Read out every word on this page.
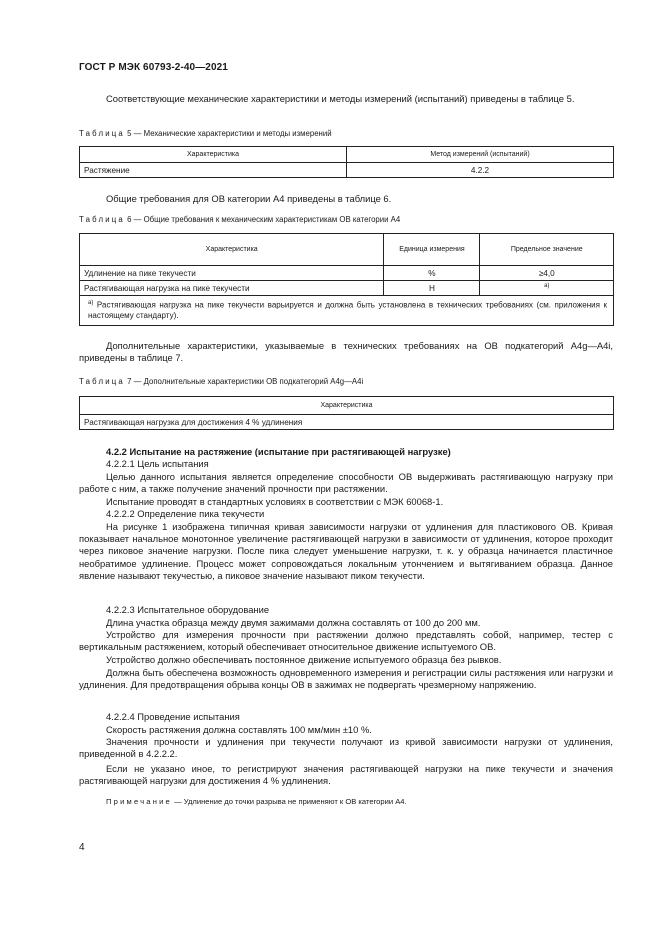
ГОСТ Р МЭК 60793-2-40—2021
Соответствующие механические характеристики и методы измерений (испытаний) приведены в таблице 5.
Таблица 5 — Механические характеристики и методы измерений
Характеристика	Метод измерений (испытаний)
Растяжение	4.2.2
Общие требования для ОВ категории А4 приведены в таблице 6.
Таблица 6 — Общие требования к механическим характеристикам ОВ категории А4
Характеристика	Единица измерения	Предельное значение
Удлинение на пике текучести	%	≥4,0
Растягивающая нагрузка на пике текучести	Н	$^{а)}$
$^{а)}$ Растягивающая нагрузка на пике текучести варьируется и должна быть установлена в технических требованиях (см. приложения к настоящему стандарту).		
Дополнительные характеристики, указываемые в технических требованиях на ОВ подкатегорий А4g—А4i, приведены в таблице 7.
Таблица 7 — Дополнительные характеристики ОВ подкатегорий А4g—А4i
Характеристика
Растягивающая нагрузка для достижения 4 % удлинения
4.2.2 Испытание на растяжение (испытание при растягивающей нагрузке)
4.2.2.1 Цель испытания
Целью данного испытания является определение способности ОВ выдерживать растягивающую нагрузку при работе с ним, а также получение значений прочности при растяжении.
Испытание проводят в стандартных условиях в соответствии с МЭК 60068-1.
4.2.2.2 Определение пика текучести
На рисунке 1 изображена типичная кривая зависимости нагрузки от удлинения для пластикового ОВ. Кривая показывает начальное монотонное увеличение растягивающей нагрузки в зависимости от удлинения, которое проходит через пиковое значение нагрузки. После пика следует уменьшение нагрузки, т. к. у образца начинается пластичное необратимое удлинение. Процесс может сопровождаться локальным утончением и вытягиванием образца. Данное явление называют текучестью, а пиковое значение называют пиком текучести.
4.2.2.3 Испытательное оборудование
Длина участка образца между двумя зажимами должна составлять от 100 до 200 мм.
Устройство для измерения прочности при растяжении должно представлять собой, например, тестер с вертикальным растяжением, который обеспечивает относительное движение испытуемого ОВ.
Устройство должно обеспечивать постоянное движение испытуемого образца без рывков.
Должна быть обеспечена возможность одновременного измерения и регистрации силы растяжения или нагрузки и удлинения. Для предотвращения обрыва концы ОВ в зажимах не подвергать чрезмерному напряжению.
4.2.2.4 Проведение испытания
Скорость растяжения должна составлять 100 мм/мин ±10 %.
Значения прочности и удлинения при текучести получают из кривой зависимости нагрузки от удлинения, приведенной в 4.2.2.2.
Если не указано иное, то регистрируют значения растягивающей нагрузки на пике текучести и значения растягивающей нагрузки для достижения 4 % удлинения.
Примечание — Удлинение до точки разрыва не применяют к ОВ категории А4.
4
